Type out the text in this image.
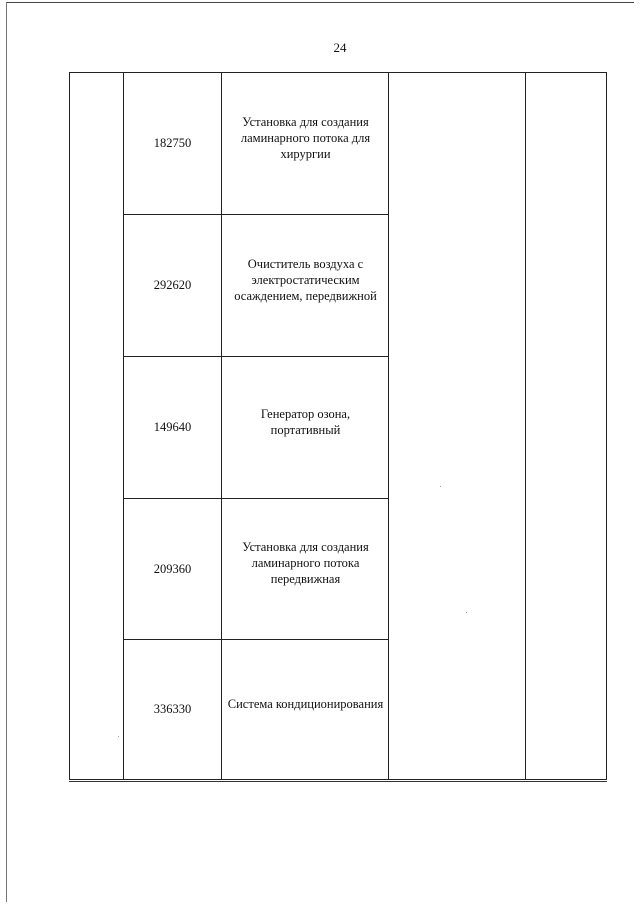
24
182750
Установка для создания ламинарного потока для хирургии
292620
Очиститель воздуха с электростатическим осаждением, передвижной
149640
Генератор озона, портативный
209360
Установка для создания ламинарного потока передвижная
336330	Система кондиционирования
